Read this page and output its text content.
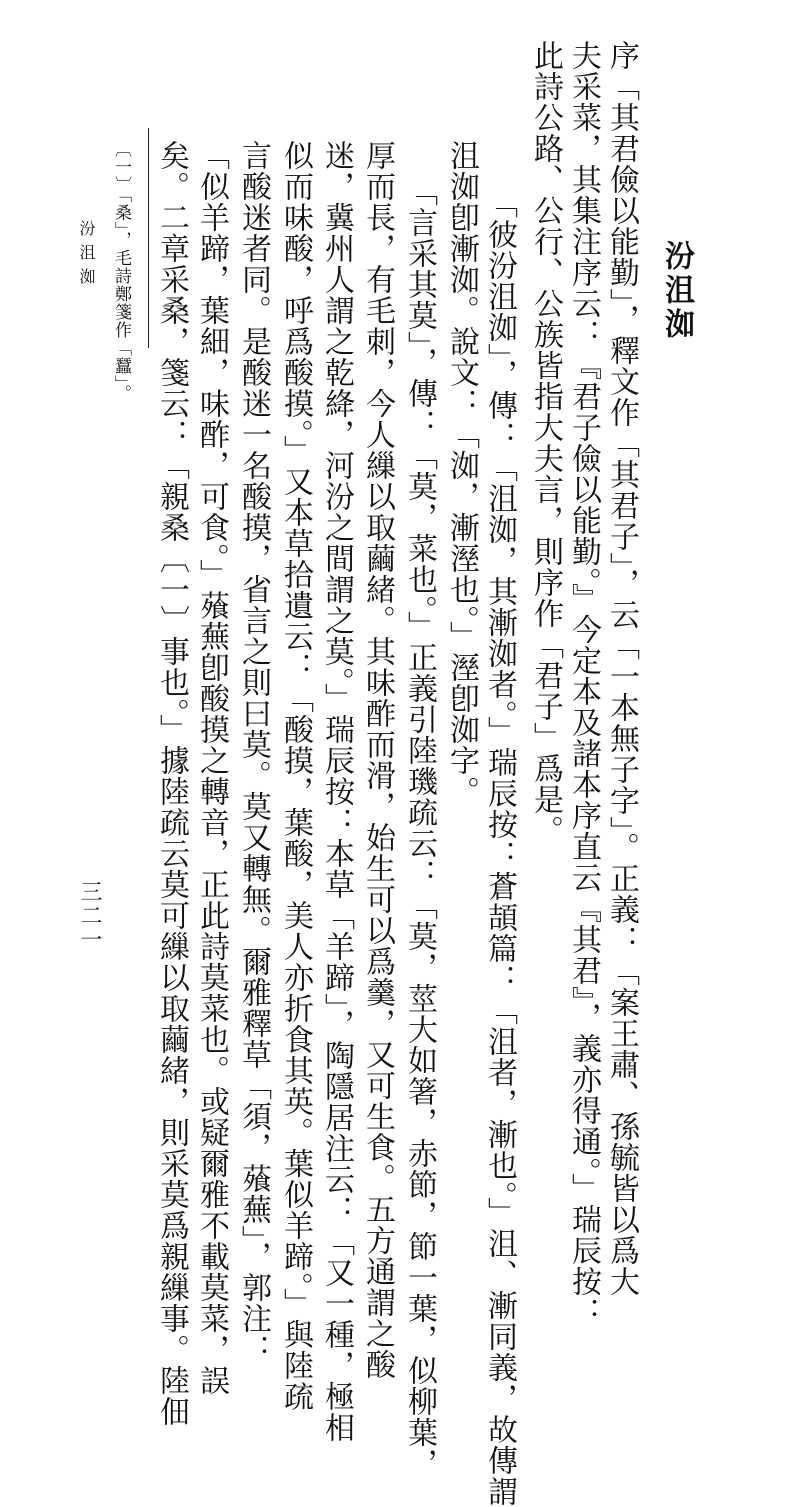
汾沮洳
序「其君儉以能勤」，釋文作「其君子」，云「一本無子字」。正義：「案王肅、孫毓皆以爲大
夫采菜，其集注序云：『君子儉以能勤。』今定本及諸本序直云『其君』，義亦得通。」瑞辰按：
此詩公路、公行、公族皆指大夫言，則序作「君子」爲是。
「彼汾沮洳」，傳：「沮洳，其漸洳者。」瑞辰按：蒼頡篇：「沮者，漸也。」沮、漸同義，故傳謂
沮洳卽漸洳。說文：「洳，漸溼也。」溼卽洳字。
「言采其莫」，傳：「莫，菜也。」正義引陸璣疏云：「莫，莖大如箸，赤節，節一葉，似柳葉，
厚而長，有毛刺，今人繅以取繭緒。其味酢而滑，始生可以爲羹，又可生食。五方通謂之酸
迷，冀州人謂之乾絳，河汾之間謂之莫。」瑞辰按：本草「羊蹄」，陶隱居注云：「又一種，極相
似而味酸，呼爲酸摸。」又本草拾遺云：「酸摸，葉酸，美人亦折食其英。葉似羊蹄。」與陸疏
言酸迷者同。是酸迷一名酸摸，省言之則曰莫。莫又轉無。爾雅釋草「須，蕵蕪」，郭注：
「似羊蹄，葉細，味酢，可食。」蕵蕪卽酸摸之轉音，正此詩莫菜也。或疑爾雅不載莫菜，誤
矣。二章采桑，箋云：「親桑〔一〕事也。」據陸疏云莫可繅以取繭緒，則采莫爲親繅事。陸佃
〔一〕「桑」，毛詩鄭箋作「蠶」。
汾沮洳
三二一
